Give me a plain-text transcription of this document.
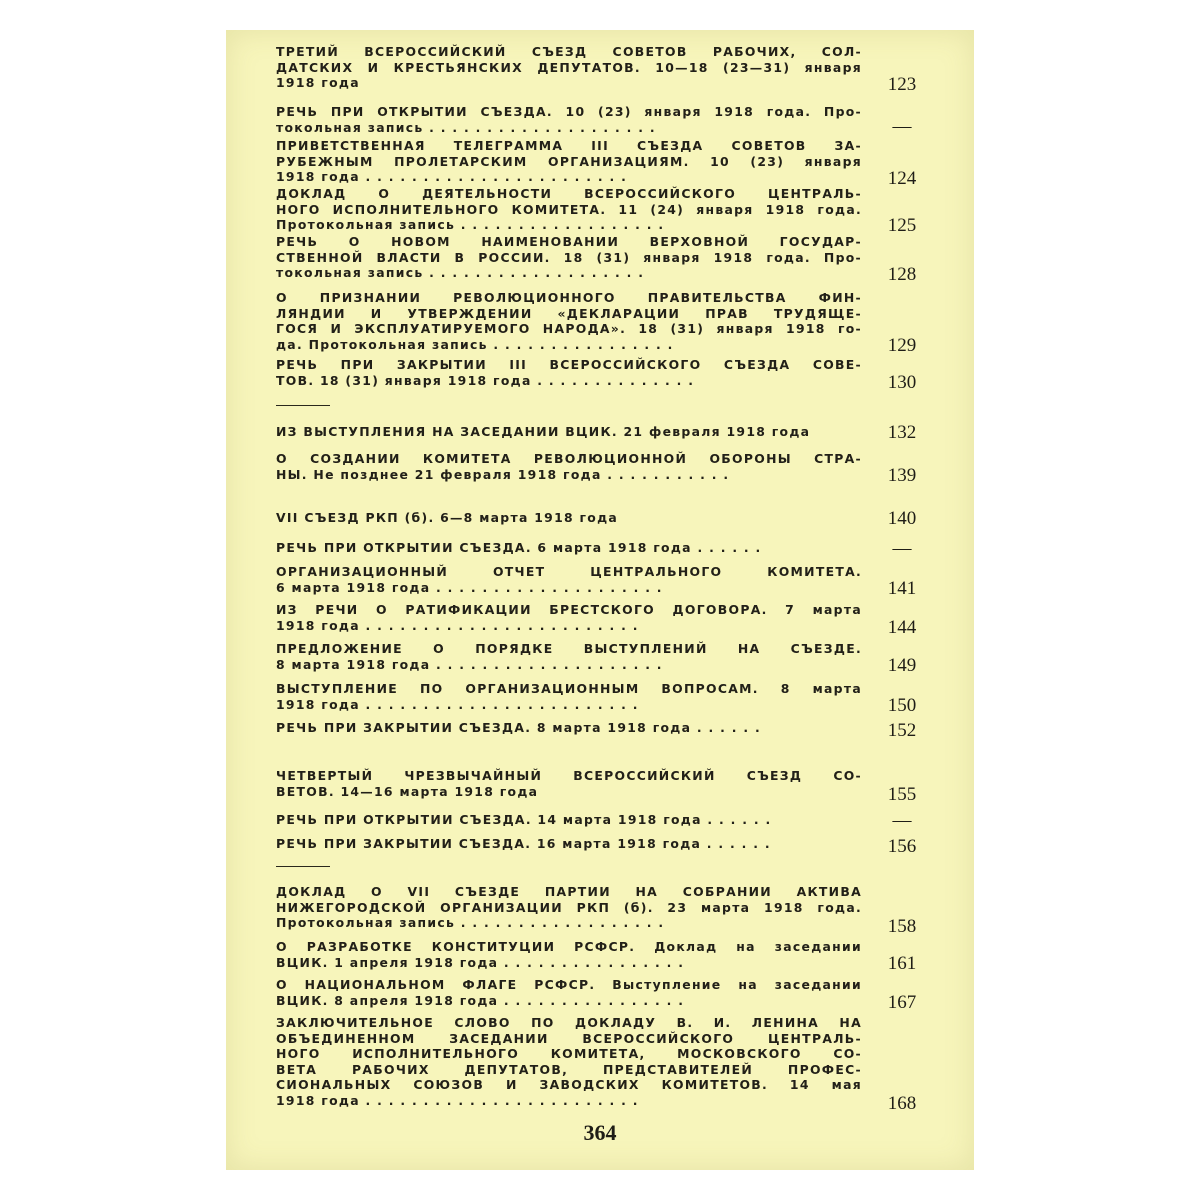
ТРЕТИЙ ВСЕРОССИЙСКИЙ СЪЕЗД СОВЕТОВ РАБОЧИХ, СОЛ-
ДАТСКИХ И КРЕСТЬЯНСКИХ ДЕПУТАТОВ. 10—18 (23—31) января
1918 года	123
РЕЧЬ ПРИ ОТКРЫТИИ СЪЕЗДА. 10 (23) января 1918 года. Про-
токольная запись . . . . . . . . . . . . . . . . . . . .	—
ПРИВЕТСТВЕННАЯ ТЕЛЕГРАММА III СЪЕЗДА СОВЕТОВ ЗА-
РУБЕЖНЫМ ПРОЛЕТАРСКИМ ОРГАНИЗАЦИЯМ. 10 (23) января
1918 года . . . . . . . . . . . . . . . . . . . . . . .	124
ДОКЛАД О ДЕЯТЕЛЬНОСТИ ВСЕРОССИЙСКОГО ЦЕНТРАЛЬ-
НОГО ИСПОЛНИТЕЛЬНОГО КОМИТЕТА. 11 (24) января 1918 года.
Протокольная запись . . . . . . . . . . . . . . . . . .	125
РЕЧЬ О НОВОМ НАИМЕНОВАНИИ ВЕРХОВНОЙ ГОСУДАР-
СТВЕННОЙ ВЛАСТИ В РОССИИ. 18 (31) января 1918 года. Про-
токольная запись . . . . . . . . . . . . . . . . . . .	128
О ПРИЗНАНИИ РЕВОЛЮЦИОННОГО ПРАВИТЕЛЬСТВА ФИН-
ЛЯНДИИ И УТВЕРЖДЕНИИ «ДЕКЛАРАЦИИ ПРАВ ТРУДЯЩЕ-
ГОСЯ И ЭКСПЛУАТИРУЕМОГО НАРОДА». 18 (31) января 1918 го-
да. Протокольная запись . . . . . . . . . . . . . . . .	129
РЕЧЬ ПРИ ЗАКРЫТИИ III ВСЕРОССИЙСКОГО СЪЕЗДА СОВЕ-
ТОВ. 18 (31) января 1918 года . . . . . . . . . . . . . .	130
ИЗ ВЫСТУПЛЕНИЯ НА ЗАСЕДАНИИ ВЦИК. 21 февраля 1918 года	132
О СОЗДАНИИ КОМИТЕТА РЕВОЛЮЦИОННОЙ ОБОРОНЫ СТРА-
НЫ. Не позднее 21 февраля 1918 года . . . . . . . . . . .	139
VII СЪЕЗД РКП (б). 6—8 марта 1918 года	140
РЕЧЬ ПРИ ОТКРЫТИИ СЪЕЗДА. 6 марта 1918 года . . . . . .	—
ОРГАНИЗАЦИОННЫЙ ОТЧЕТ ЦЕНТРАЛЬНОГО КОМИТЕТА.
6 марта 1918 года . . . . . . . . . . . . . . . . . . . .	141
ИЗ РЕЧИ О РАТИФИКАЦИИ БРЕСТСКОГО ДОГОВОРА. 7 марта
1918 года . . . . . . . . . . . . . . . . . . . . . . . .	144
ПРЕДЛОЖЕНИЕ О ПОРЯДКЕ ВЫСТУПЛЕНИЙ НА СЪЕЗДЕ.
8 марта 1918 года . . . . . . . . . . . . . . . . . . . .	149
ВЫСТУПЛЕНИЕ ПО ОРГАНИЗАЦИОННЫМ ВОПРОСАМ. 8 марта
1918 года . . . . . . . . . . . . . . . . . . . . . . . .	150
РЕЧЬ ПРИ ЗАКРЫТИИ СЪЕЗДА. 8 марта 1918 года . . . . . .	152
ЧЕТВЕРТЫЙ ЧРЕЗВЫЧАЙНЫЙ ВСЕРОССИЙСКИЙ СЪЕЗД СО-
ВЕТОВ. 14—16 марта 1918 года	155
РЕЧЬ ПРИ ОТКРЫТИИ СЪЕЗДА. 14 марта 1918 года . . . . . .	—
РЕЧЬ ПРИ ЗАКРЫТИИ СЪЕЗДА. 16 марта 1918 года . . . . . .	156
ДОКЛАД О VII СЪЕЗДЕ ПАРТИИ НА СОБРАНИИ АКТИВА
НИЖЕГОРОДСКОЙ ОРГАНИЗАЦИИ РКП (б). 23 марта 1918 года.
Протокольная запись . . . . . . . . . . . . . . . . . .	158
О РАЗРАБОТКЕ КОНСТИТУЦИИ РСФСР. Доклад на заседании
ВЦИК. 1 апреля 1918 года . . . . . . . . . . . . . . . .	161
О НАЦИОНАЛЬНОМ ФЛАГЕ РСФСР. Выступление на заседании
ВЦИК. 8 апреля 1918 года . . . . . . . . . . . . . . . .	167
ЗАКЛЮЧИТЕЛЬНОЕ СЛОВО ПО ДОКЛАДУ В. И. ЛЕНИНА НА
ОБЪЕДИНЕННОМ ЗАСЕДАНИИ ВСЕРОССИЙСКОГО ЦЕНТРАЛЬ-
НОГО ИСПОЛНИТЕЛЬНОГО КОМИТЕТА, МОСКОВСКОГО СО-
ВЕТА РАБОЧИХ ДЕПУТАТОВ, ПРЕДСТАВИТЕЛЕЙ ПРОФЕС-
СИОНАЛЬНЫХ СОЮЗОВ И ЗАВОДСКИХ КОМИТЕТОВ. 14 мая
1918 года . . . . . . . . . . . . . . . . . . . . . . . .	168
364
